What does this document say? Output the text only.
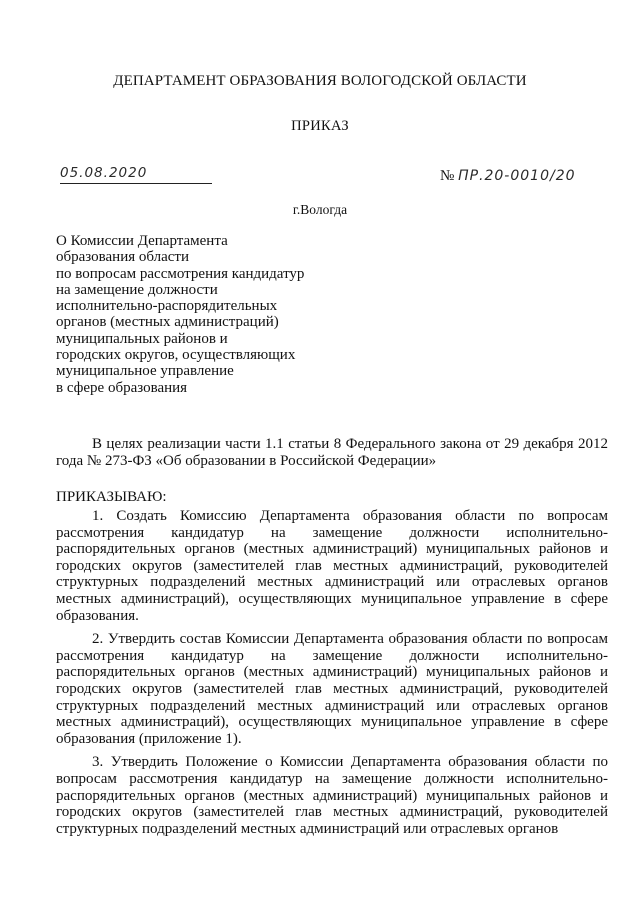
ДЕПАРТАМЕНТ ОБРАЗОВАНИЯ ВОЛОГОДСКОЙ ОБЛАСТИ
ПРИКАЗ
05.08.2020	№ ПР.20-0010/20
г.Вологда
О Комиссии Департамента
образования области
по вопросам рассмотрения кандидатур
на замещение должности
исполнительно-распорядительных
органов (местных администраций)
муниципальных районов и
городских округов, осуществляющих
муниципальное управление
в сфере образования
В целях реализации части 1.1 статьи 8 Федерального закона от 29 декабря 2012 года № 273-ФЗ «Об образовании в Российской Федерации»
ПРИКАЗЫВАЮ:

1. Создать Комиссию Департамента образования области по вопросам рассмотрения кандидатур на замещение должности исполнительно-распорядительных органов (местных администраций) муниципальных районов и городских округов (заместителей глав местных администраций, руководителей структурных подразделений местных администраций или отраслевых органов местных администраций), осуществляющих муниципальное управление в сфере образования.

2. Утвердить состав Комиссии Департамента образования области по вопросам рассмотрения кандидатур на замещение должности исполнительно-распорядительных органов (местных администраций) муниципальных районов и городских округов (заместителей глав местных администраций, руководителей структурных подразделений местных администраций или отраслевых органов местных администраций), осуществляющих муниципальное управление в сфере образования (приложение 1).

3. Утвердить Положение о Комиссии Департамента образования области по вопросам рассмотрения кандидатур на замещение должности исполнительно-распорядительных органов (местных администраций) муниципальных районов и городских округов (заместителей глав местных администраций, руководителей структурных подразделений местных администраций или отраслевых органов
